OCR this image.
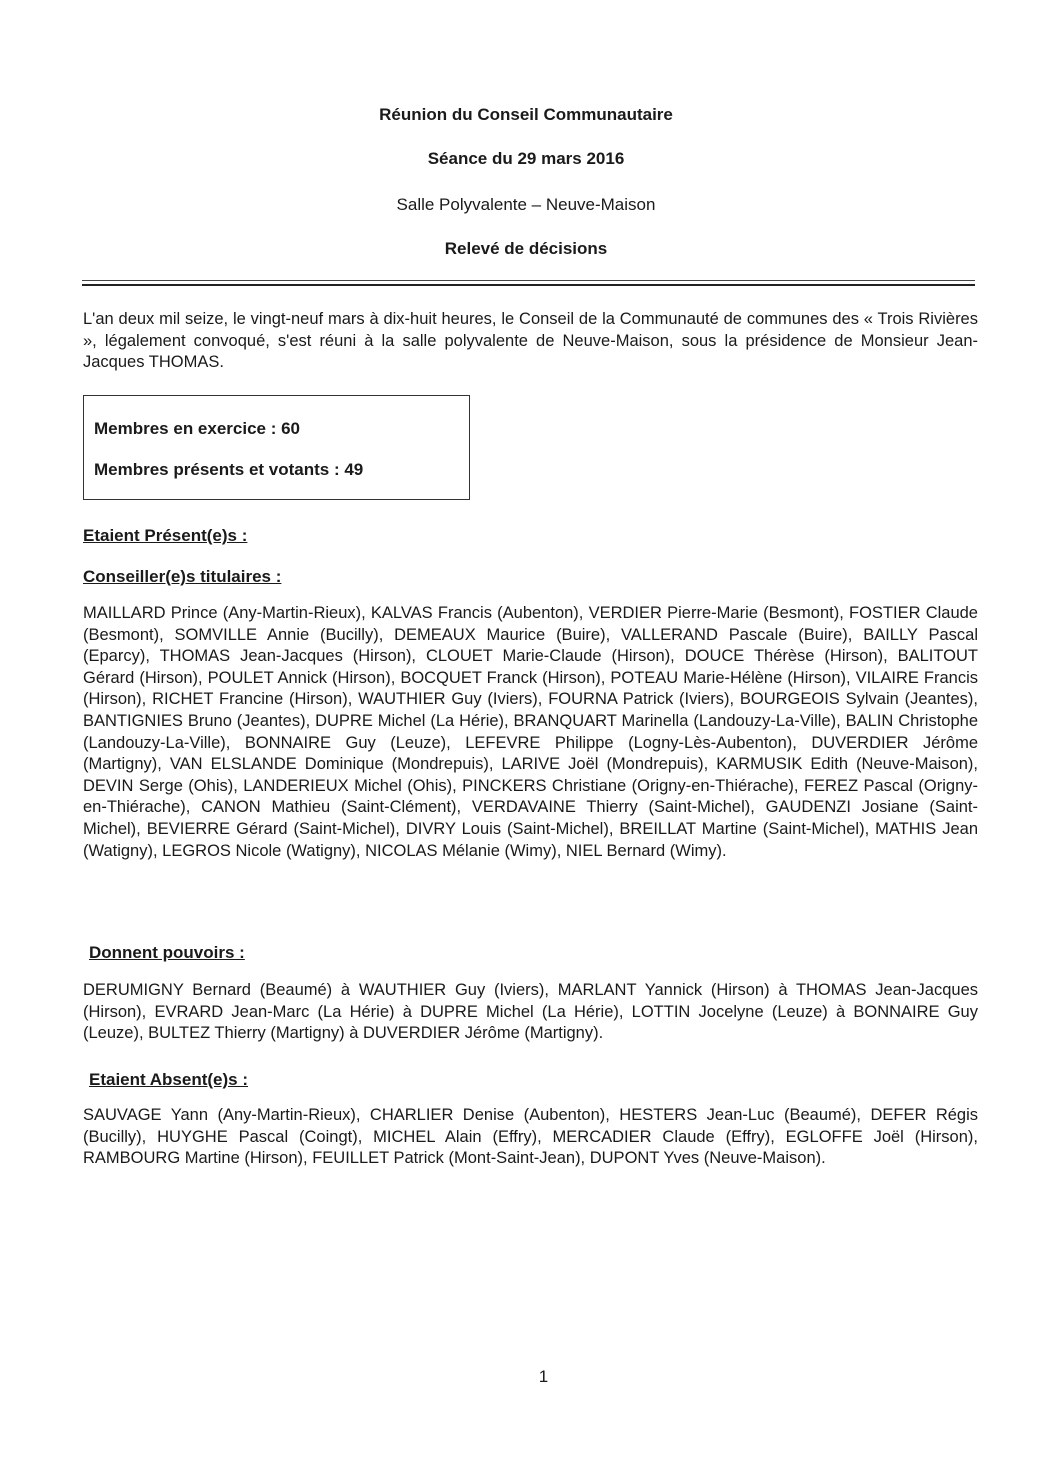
Réunion du Conseil Communautaire
Séance du 29 mars 2016
Salle Polyvalente – Neuve-Maison
Relevé de décisions

L'an deux mil seize, le vingt-neuf mars à dix-huit heures, le Conseil de la Communauté de communes des « Trois Rivières », légalement convoqué, s'est réuni à la salle polyvalente de Neuve-Maison, sous la présidence de Monsieur Jean-Jacques THOMAS.

Membres en exercice : 60
Membres présents et votants : 49
Etaient Présent(e)s :
Conseiller(e)s titulaires :

MAILLARD Prince (Any-Martin-Rieux), KALVAS Francis (Aubenton), VERDIER Pierre-Marie (Besmont), FOSTIER Claude (Besmont), SOMVILLE Annie (Bucilly), DEMEAUX Maurice (Buire), VALLERAND Pascale (Buire), BAILLY Pascal (Eparcy), THOMAS Jean-Jacques (Hirson), CLOUET Marie-Claude (Hirson), DOUCE Thérèse (Hirson), BALITOUT Gérard (Hirson), POULET Annick (Hirson), BOCQUET Franck (Hirson), POTEAU Marie-Hélène (Hirson), VILAIRE Francis (Hirson), RICHET Francine (Hirson), WAUTHIER Guy (Iviers), FOURNA Patrick (Iviers), BOURGEOIS Sylvain (Jeantes), BANTIGNIES Bruno (Jeantes), DUPRE Michel (La Hérie), BRANQUART Marinella (Landouzy-La-Ville), BALIN Christophe (Landouzy-La-Ville), BONNAIRE Guy (Leuze), LEFEVRE Philippe (Logny-Lès-Aubenton), DUVERDIER Jérôme (Martigny), VAN ELSLANDE Dominique (Mondrepuis), LARIVE Joël (Mondrepuis), KARMUSIK Edith (Neuve-Maison), DEVIN Serge (Ohis), LANDERIEUX Michel (Ohis), PINCKERS Christiane (Origny-en-Thiérache), FEREZ Pascal (Origny-en-Thiérache), CANON Mathieu (Saint-Clément), VERDAVAINE Thierry (Saint-Michel), GAUDENZI Josiane (Saint-Michel), BEVIERRE Gérard (Saint-Michel), DIVRY Louis (Saint-Michel), BREILLAT Martine (Saint-Michel), MATHIS Jean (Watigny), LEGROS Nicole (Watigny), NICOLAS Mélanie (Wimy), NIEL Bernard (Wimy).

Donnent pouvoirs :

DERUMIGNY Bernard (Beaumé) à WAUTHIER Guy (Iviers), MARLANT Yannick (Hirson) à THOMAS Jean-Jacques (Hirson), EVRARD Jean-Marc (La Hérie) à DUPRE Michel (La Hérie), LOTTIN Jocelyne (Leuze) à BONNAIRE Guy (Leuze), BULTEZ Thierry (Martigny) à DUVERDIER Jérôme (Martigny).

Etaient Absent(e)s :

SAUVAGE Yann (Any-Martin-Rieux), CHARLIER Denise (Aubenton), HESTERS Jean-Luc (Beaumé), DEFER Régis (Bucilly), HUYGHE Pascal (Coingt), MICHEL Alain (Effry), MERCADIER Claude (Effry), EGLOFFE Joël (Hirson), RAMBOURG Martine (Hirson), FEUILLET Patrick (Mont-Saint-Jean), DUPONT Yves (Neuve-Maison).

1
